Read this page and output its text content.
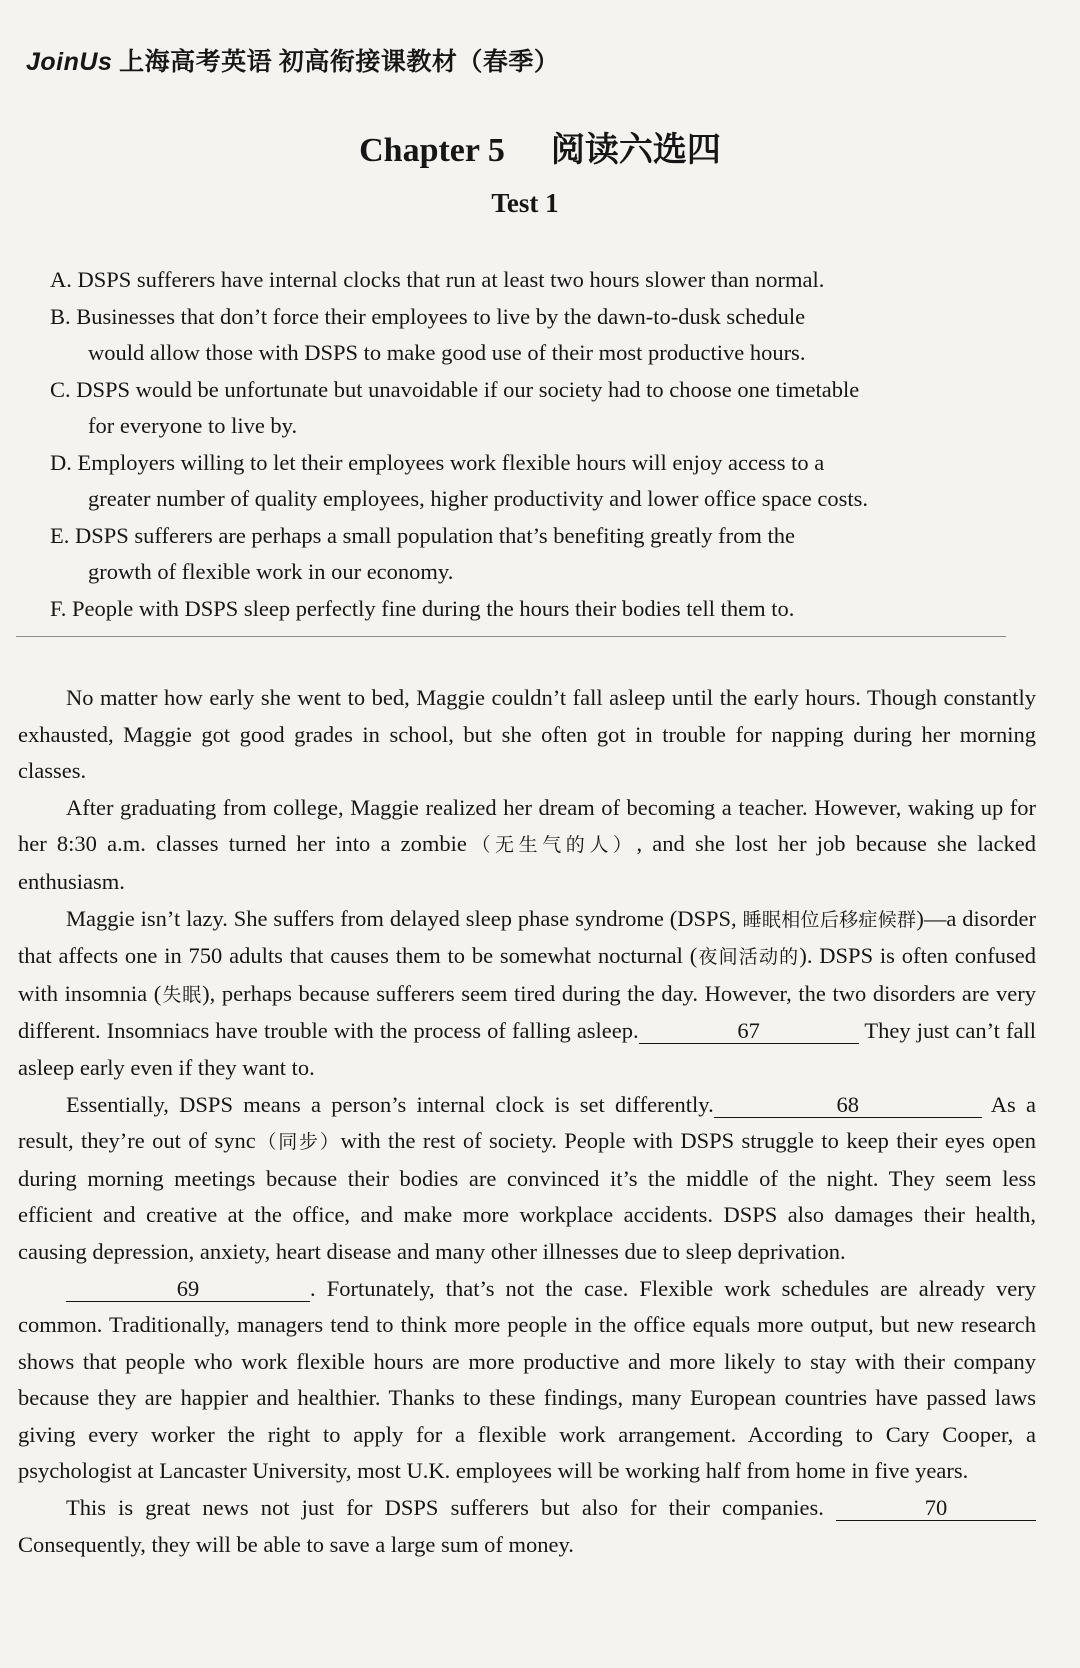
JoinUs 上海高考英语 初高衔接课教材（春季）
Chapter 5 阅读六选四
Test 1
A. DSPS sufferers have internal clocks that run at least two hours slower than normal.
B. Businesses that don’t force their employees to live by the dawn-to-dusk schedule
would allow those with DSPS to make good use of their most productive hours.
C. DSPS would be unfortunate but unavoidable if our society had to choose one timetable
for everyone to live by.
D. Employers willing to let their employees work flexible hours will enjoy access to a
greater number of quality employees, higher productivity and lower office space costs.
E. DSPS sufferers are perhaps a small population that’s benefiting greatly from the
growth of flexible work in our economy.
F. People with DSPS sleep perfectly fine during the hours their bodies tell them to.

No matter how early she went to bed, Maggie couldn’t fall asleep until the early hours. Though constantly exhausted, Maggie got good grades in school, but she often got in trouble for napping during her morning classes.

After graduating from college, Maggie realized her dream of becoming a teacher. However, waking up for her 8:30 a.m. classes turned her into a zombie（无生气的人）, and she lost her job because she lacked enthusiasm.

Maggie isn’t lazy. She suffers from delayed sleep phase syndrome (DSPS, 睡眠相位后移症候群)—a disorder that affects one in 750 adults that causes them to be somewhat nocturnal (夜间活动的). DSPS is often confused with insomnia (失眠), perhaps because sufferers seem tired during the day. However, the two disorders are very different. Insomniacs have trouble with the process of falling asleep.	67	They just can’t fall asleep early even if they want to.

Essentially, DSPS means a person’s internal clock is set differently.	68	As a result, they’re out of sync（同步）with the rest of society. People with DSPS struggle to keep their eyes open during morning meetings because their bodies are convinced it’s the middle of the night. They seem less efficient and creative at the office, and make more workplace accidents. DSPS also damages their health, causing depression, anxiety, heart disease and many other illnesses due to sleep deprivation.

69	. Fortunately, that’s not the case. Flexible work schedules are already very common. Traditionally, managers tend to think more people in the office equals more output, but new research shows that people who work flexible hours are more productive and more likely to stay with their company because they are happier and healthier. Thanks to these findings, many European countries have passed laws giving every worker the right to apply for a flexible work arrangement. According to Cary Cooper, a psychologist at Lancaster University, most U.K. employees will be working half from home in five years.

This is great news not just for DSPS sufferers but also for their companies.	70 Consequently, they will be able to save a large sum of money.
